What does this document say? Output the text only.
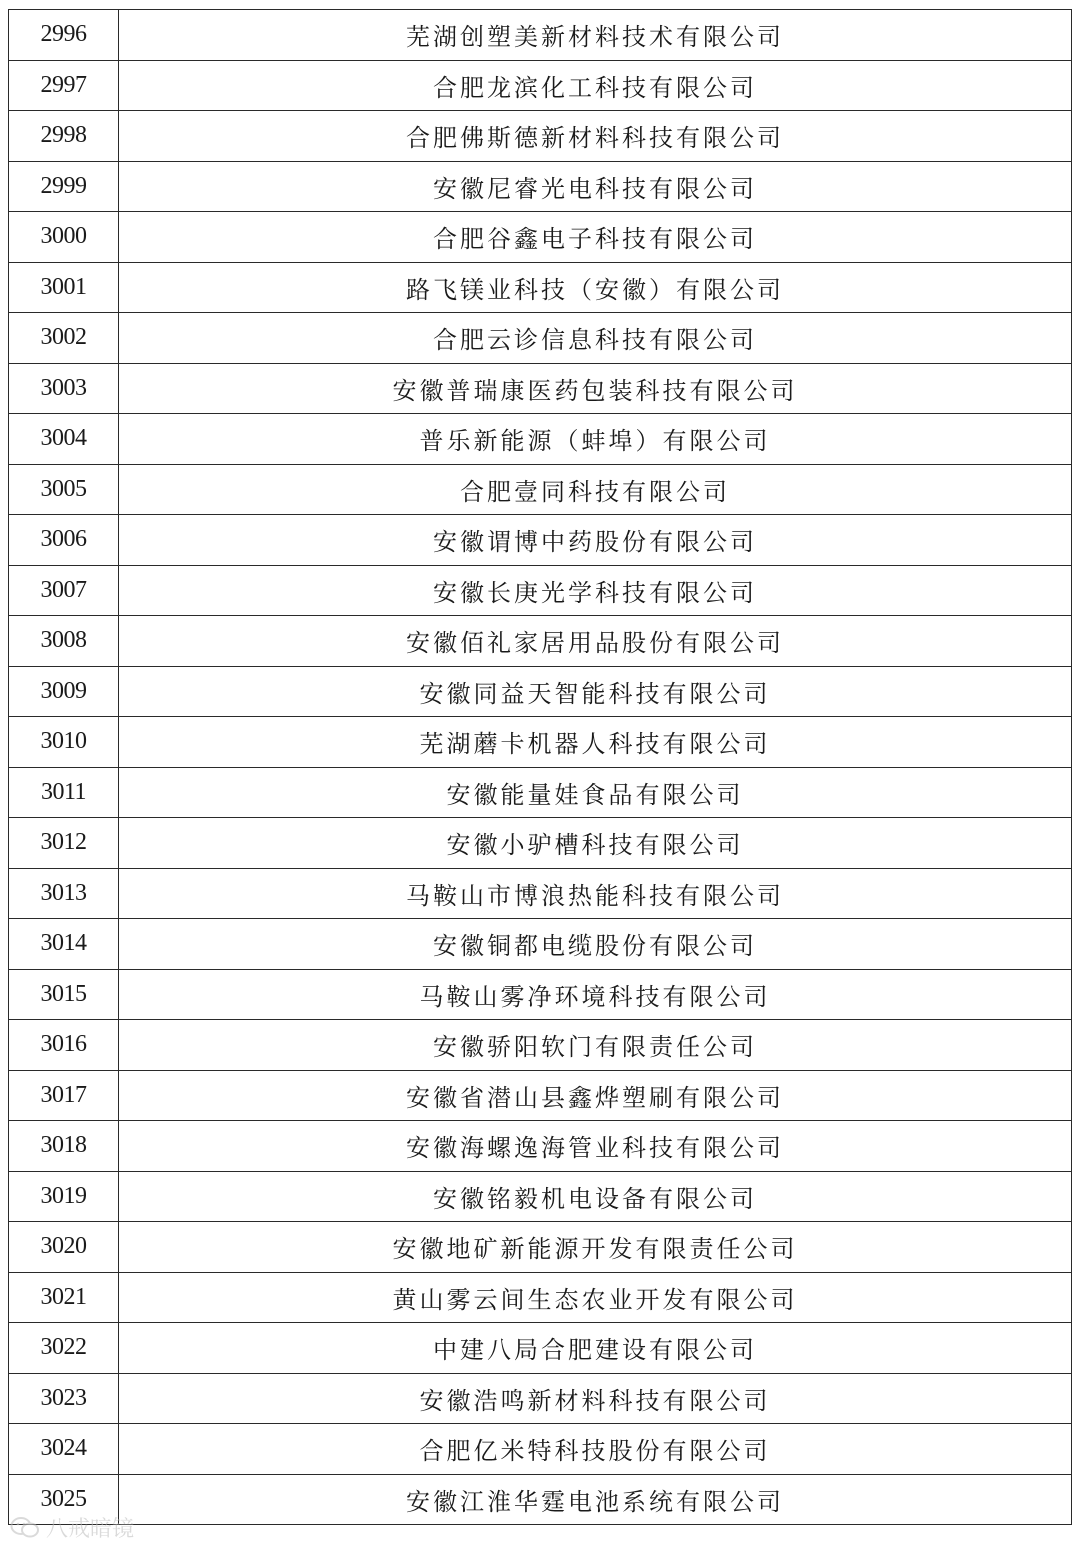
2996	芜湖创塑美新材料技术有限公司
2997	合肥龙滨化工科技有限公司
2998	合肥佛斯德新材料科技有限公司
2999	安徽尼睿光电科技有限公司
3000	合肥谷鑫电子科技有限公司
3001	路飞镁业科技（安徽）有限公司
3002	合肥云诊信息科技有限公司
3003	安徽普瑞康医药包装科技有限公司
3004	普乐新能源（蚌埠）有限公司
3005	合肥壹同科技有限公司
3006	安徽谓博中药股份有限公司
3007	安徽长庚光学科技有限公司
3008	安徽佰礼家居用品股份有限公司
3009	安徽同益天智能科技有限公司
3010	芜湖蘑卡机器人科技有限公司
3011	安徽能量娃食品有限公司
3012	安徽小驴槽科技有限公司
3013	马鞍山市博浪热能科技有限公司
3014	安徽铜都电缆股份有限公司
3015	马鞍山雾净环境科技有限公司
3016	安徽骄阳软门有限责任公司
3017	安徽省潜山县鑫烨塑刷有限公司
3018	安徽海螺逸海管业科技有限公司
3019	安徽铭毅机电设备有限公司
3020	安徽地矿新能源开发有限责任公司
3021	黄山雾云间生态农业开发有限公司
3022	中建八局合肥建设有限公司
3023	安徽浩鸣新材料科技有限公司
3024	合肥亿米特科技股份有限公司
3025	安徽江淮华霆电池系统有限公司
八戒暗镜
